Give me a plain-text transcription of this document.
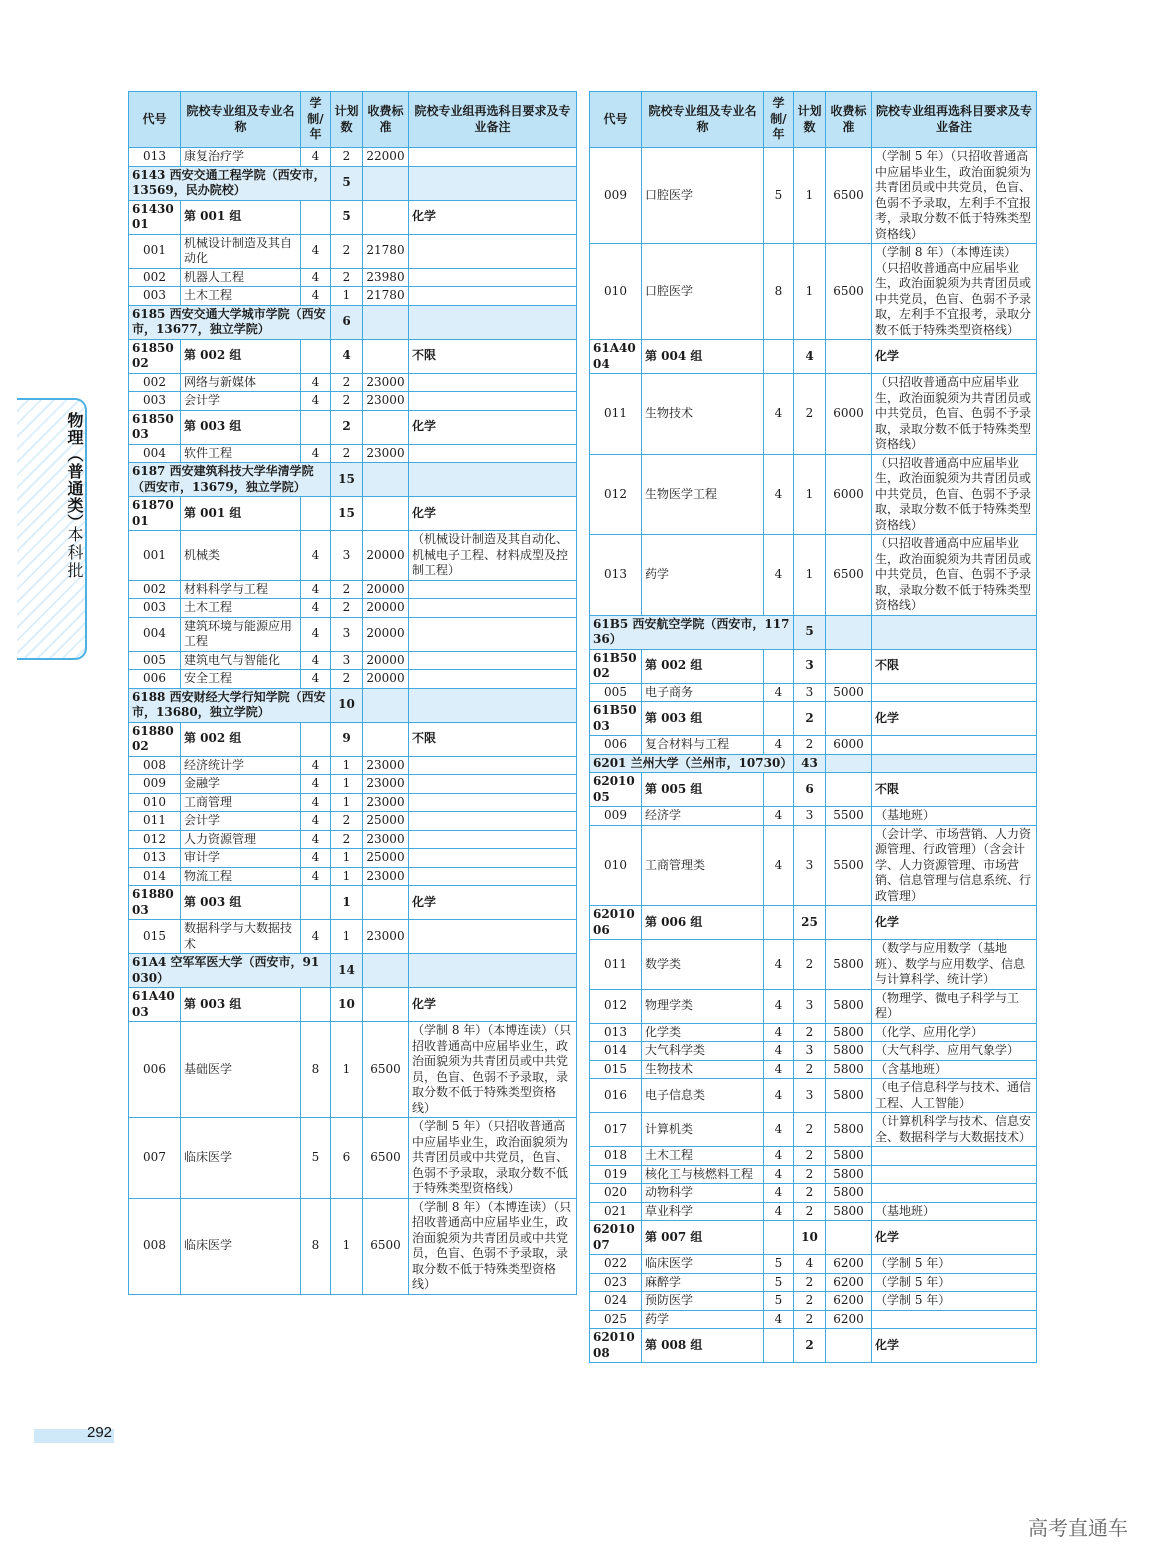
物理（普通类）
本科批
代号	院校专业组及专业名称	学制/年	计划数	收费标准	院校专业组再选科目要求及专业备注
013	康复治疗学	4	2	22000	
6143 西安交通工程学院（西安市，13569，民办院校）			5		
6143001	第 001 组		5		化学
001	机械设计制造及其自动化	4	2	21780	
002	机器人工程	4	2	23980	
003	土木工程	4	1	21780	
6185 西安交通大学城市学院（西安市，13677，独立学院）			6		
6185002	第 002 组		4		不限
002	网络与新媒体	4	2	23000	
003	会计学	4	2	23000	
6185003	第 003 组		2		化学
004	软件工程	4	2	23000	
6187 西安建筑科技大学华清学院（西安市，13679，独立学院）			15		
6187001	第 001 组		15		化学
001	机械类	4	3	20000	（机械设计制造及其自动化、机械电子工程、材料成型及控制工程）
002	材料科学与工程	4	2	20000	
003	土木工程	4	2	20000	
004	建筑环境与能源应用工程	4	3	20000	
005	建筑电气与智能化	4	3	20000	
006	安全工程	4	2	20000	
6188 西安财经大学行知学院（西安市，13680，独立学院）			10		
6188002	第 002 组		9		不限
008	经济统计学	4	1	23000	
009	金融学	4	1	23000	
010	工商管理	4	1	23000	
011	会计学	4	2	25000	
012	人力资源管理	4	2	23000	
013	审计学	4	1	25000	
014	物流工程	4	1	23000	
6188003	第 003 组		1		化学
015	数据科学与大数据技术	4	1	23000	
61A4 空军军医大学（西安市，91030）			14		
61A4003	第 003 组		10		化学
006	基础医学	8	1	6500	（学制 8 年）（本博连读）（只招收普通高中应届毕业生，政治面貌须为共青团员或中共党员，色盲、色弱不予录取，录取分数不低于特殊类型资格线）
007	临床医学	5	6	6500	（学制 5 年）（只招收普通高中应届毕业生，政治面貌须为共青团员或中共党员，色盲、色弱不予录取，录取分数不低于特殊类型资格线）
008	临床医学	8	1	6500	（学制 8 年）（本博连读）（只招收普通高中应届毕业生，政治面貌须为共青团员或中共党员，色盲、色弱不予录取，录取分数不低于特殊类型资格线）
代号	院校专业组及专业名称	学制/年	计划数	收费标准	院校专业组再选科目要求及专业备注
009	口腔医学	5	1	6500	（学制 5 年）（只招收普通高中应届毕业生，政治面貌须为共青团员或中共党员，色盲、色弱不予录取，左利手不宜报考，录取分数不低于特殊类型资格线）
010	口腔医学	8	1	6500	（学制 8 年）（本博连读）（只招收普通高中应届毕业生，政治面貌须为共青团员或中共党员，色盲、色弱不予录取，左利手不宜报考，录取分数不低于特殊类型资格线）
61A4004	第 004 组		4		化学
011	生物技术	4	2	6000	（只招收普通高中应届毕业生，政治面貌须为共青团员或中共党员，色盲、色弱不予录取，录取分数不低于特殊类型资格线）
012	生物医学工程	4	1	6000	（只招收普通高中应届毕业生，政治面貌须为共青团员或中共党员，色盲、色弱不予录取，录取分数不低于特殊类型资格线）
013	药学	4	1	6500	（只招收普通高中应届毕业生，政治面貌须为共青团员或中共党员，色盲、色弱不予录取，录取分数不低于特殊类型资格线）
61B5 西安航空学院（西安市，11736）			5		
61B5002	第 002 组		3		不限
005	电子商务	4	3	5000	
61B5003	第 003 组		2		化学
006	复合材料与工程	4	2	6000	
6201 兰州大学（兰州市，10730）			43		
6201005	第 005 组		6		不限
009	经济学	4	3	5500	（基地班）
010	工商管理类	4	3	5500	（会计学、市场营销、人力资源管理、行政管理）（含会计学、人力资源管理、市场营销、信息管理与信息系统、行政管理）
6201006	第 006 组		25		化学
011	数学类	4	2	5800	（数学与应用数学（基地班）、数学与应用数学、信息与计算科学、统计学）
012	物理学类	4	3	5800	（物理学、微电子科学与工程）
013	化学类	4	2	5800	（化学、应用化学）
014	大气科学类	4	3	5800	（大气科学、应用气象学）
015	生物技术	4	2	5800	（含基地班）
016	电子信息类	4	3	5800	（电子信息科学与技术、通信工程、人工智能）
017	计算机类	4	2	5800	（计算机科学与技术、信息安全、数据科学与大数据技术）
018	土木工程	4	2	5800	
019	核化工与核燃料工程	4	2	5800	
020	动物科学	4	2	5800	
021	草业科学	4	2	5800	（基地班）
6201007	第 007 组		10		化学
022	临床医学	5	4	6200	（学制 5 年）
023	麻醉学	5	2	6200	（学制 5 年）
024	预防医学	5	2	6200	（学制 5 年）
025	药学	4	2	6200	
6201008	第 008 组		2		化学
292
高考直通车
